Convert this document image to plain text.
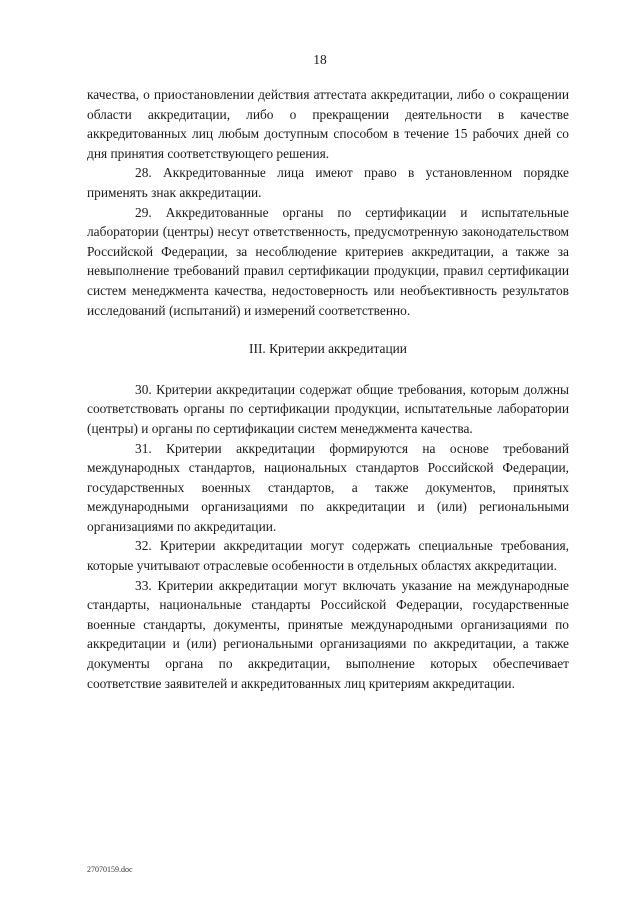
18

качества, о приостановлении действия аттестата аккредитации, либо о сокращении области аккредитации, либо о прекращении деятельности в качестве аккредитованных лиц любым доступным способом в течение 15 рабочих дней со дня принятия соответствующего решения.

28. Аккредитованные лица имеют право в установленном порядке применять знак аккредитации.

29. Аккредитованные органы по сертификации и испытательные лаборатории (центры) несут ответственность, предусмотренную законодательством Российской Федерации, за несоблюдение критериев аккредитации, а также за невыполнение требований правил сертификации продукции, правил сертификации систем менеджмента качества, недостоверность или необъективность результатов исследований (испытаний) и измерений соответственно.

III. Критерии аккредитации

30. Критерии аккредитации содержат общие требования, которым должны соответствовать органы по сертификации продукции, испытательные лаборатории (центры) и органы по сертификации систем менеджмента качества.

31. Критерии аккредитации формируются на основе требований международных стандартов, национальных стандартов Российской Федерации, государственных военных стандартов, а также документов, принятых международными организациями по аккредитации и (или) региональными организациями по аккредитации.

32. Критерии аккредитации могут содержать специальные требования, которые учитывают отраслевые особенности в отдельных областях аккредитации.

33. Критерии аккредитации могут включать указание на международные стандарты, национальные стандарты Российской Федерации, государственные военные стандарты, документы, принятые международными организациями по аккредитации и (или) региональными организациями по аккредитации, а также документы органа по аккредитации, выполнение которых обеспечивает соответствие заявителей и аккредитованных лиц критериям аккредитации.

27070159.doc
